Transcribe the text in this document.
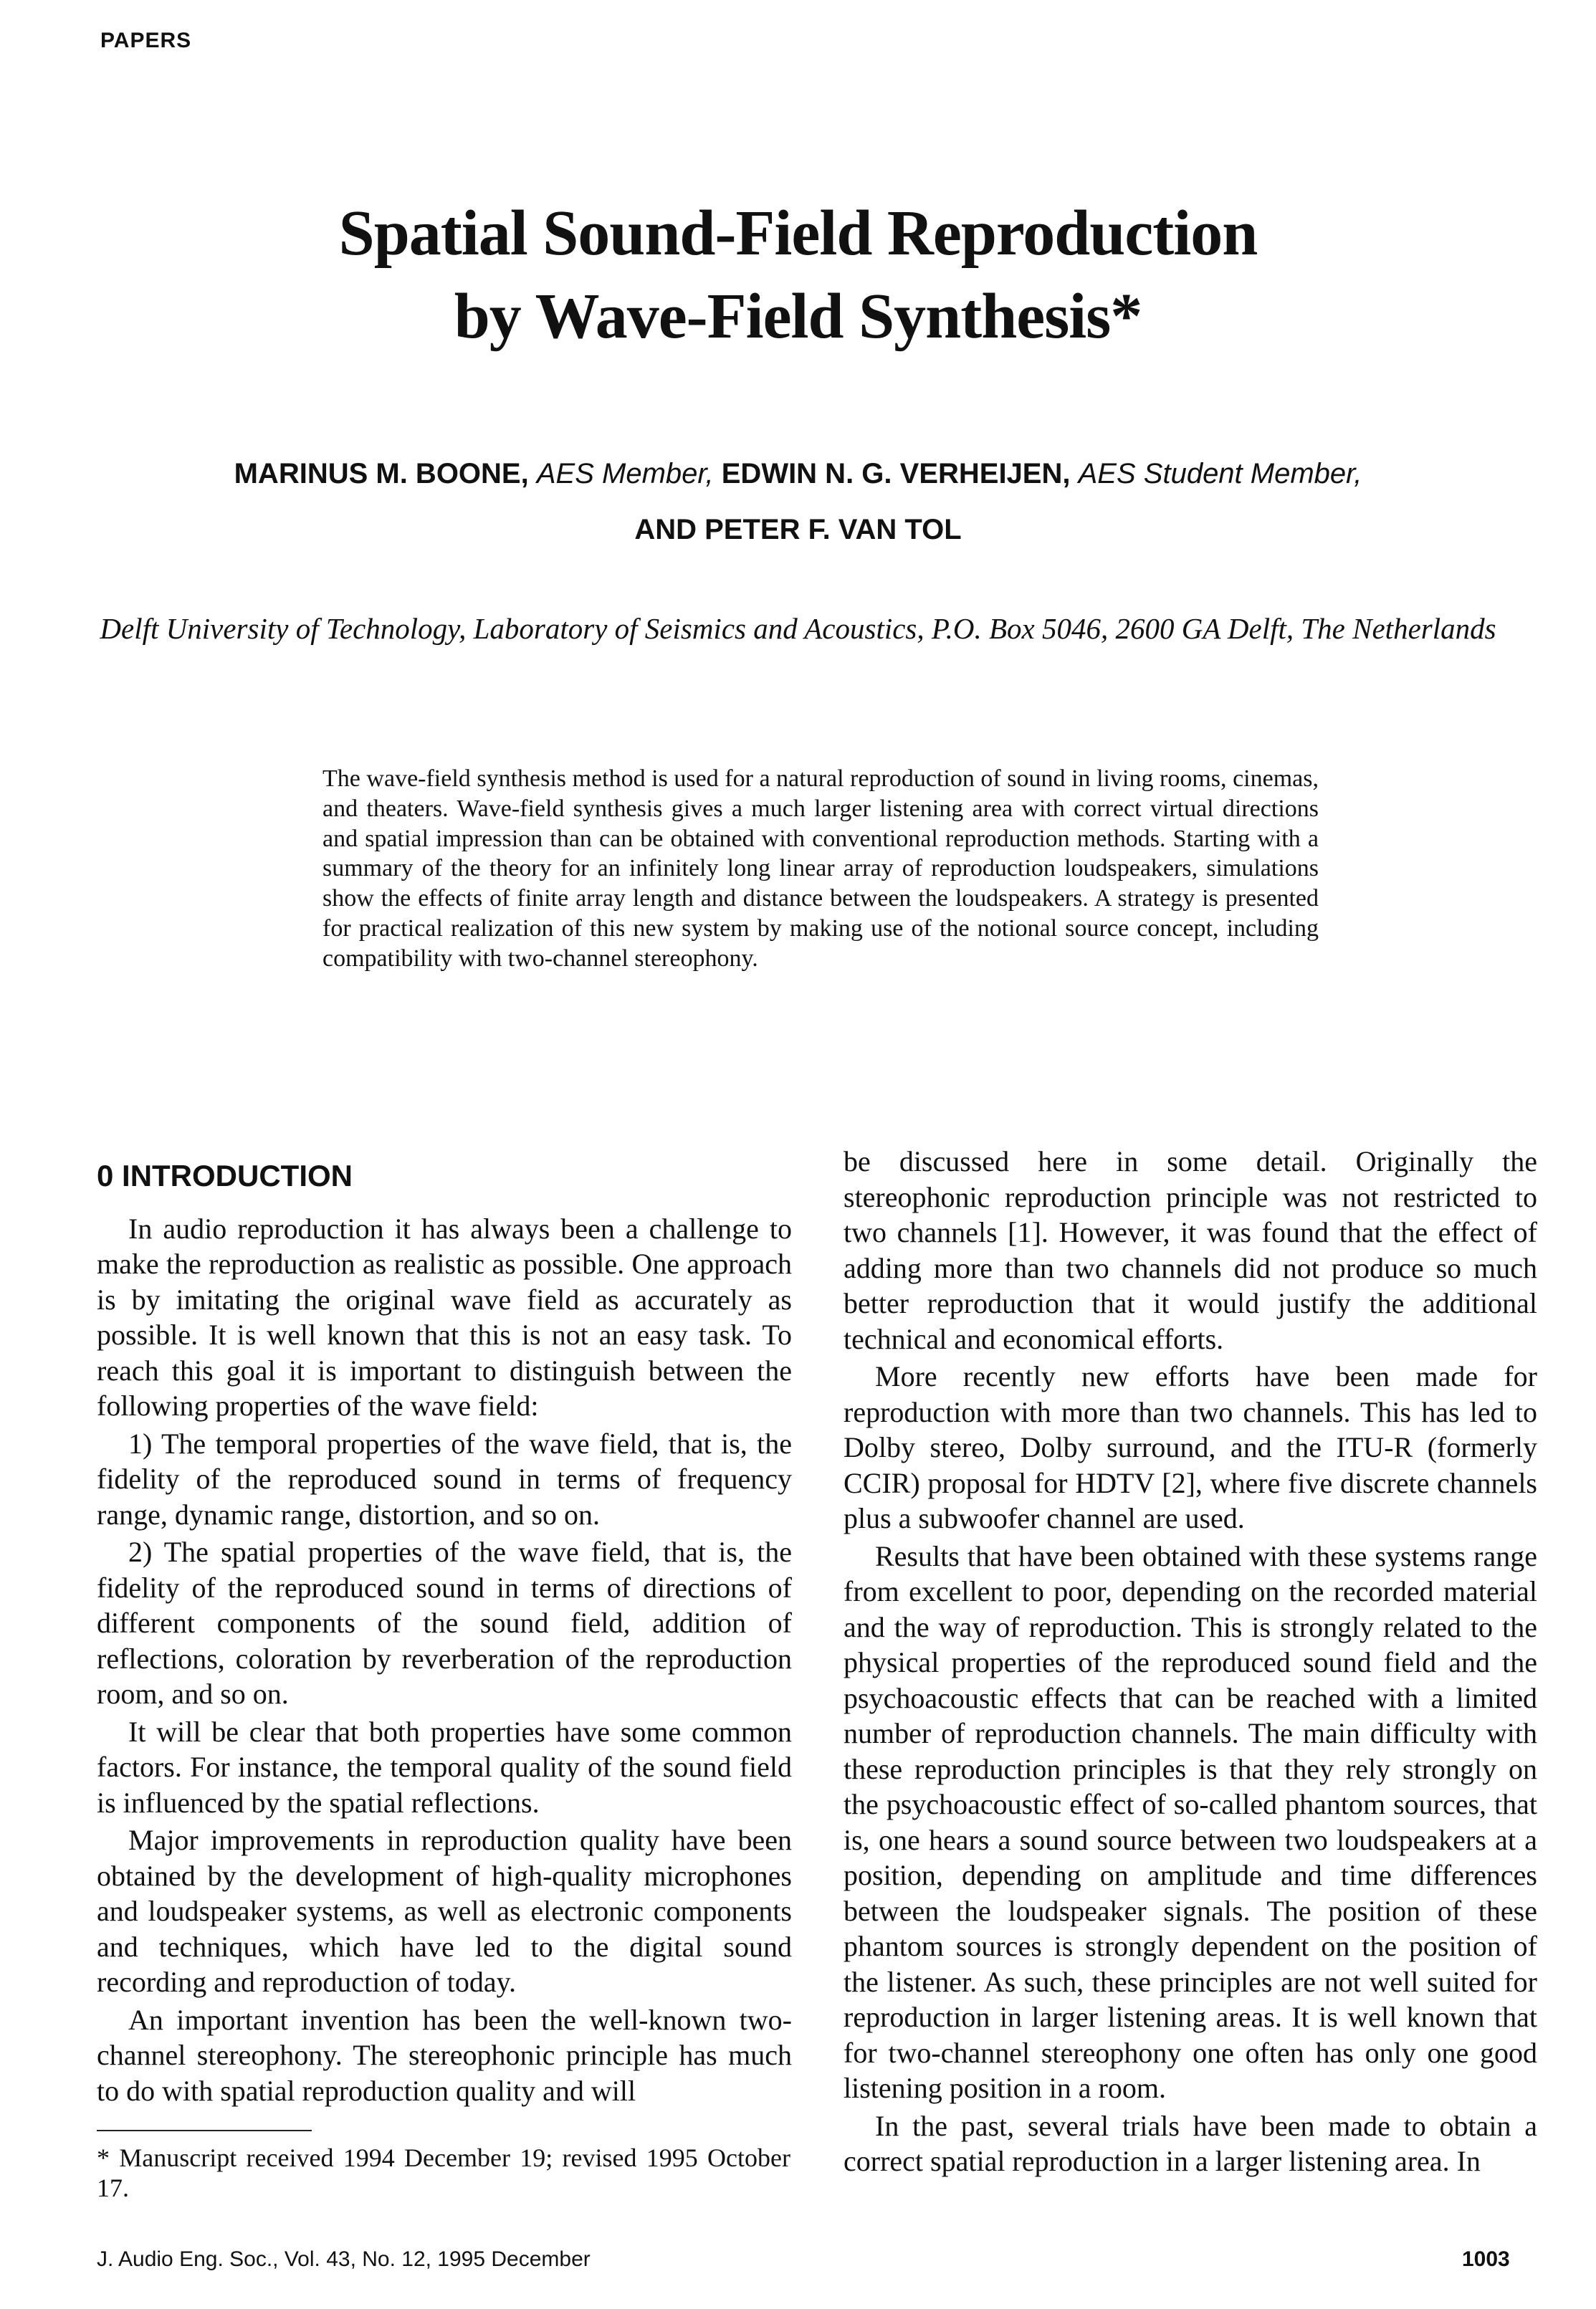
PAPERS
Spatial Sound-Field Reproduction
by Wave-Field Synthesis*
MARINUS M. BOONE, AES Member, EDWIN N. G. VERHEIJEN, AES Student Member,
AND PETER F. VAN TOL
Delft University of Technology, Laboratory of Seismics and Acoustics, P.O. Box 5046, 2600 GA Delft, The Netherlands
The wave-field synthesis method is used for a natural reproduction of sound in living rooms, cinemas, and theaters. Wave-field synthesis gives a much larger listening area with correct virtual directions and spatial impression than can be obtained with conventional reproduction methods. Starting with a summary of the theory for an infinitely long linear array of reproduction loudspeakers, simulations show the effects of finite array length and distance between the loudspeakers. A strategy is presented for practical realization of this new system by making use of the notional source concept, including compatibility with two-channel stereophony.
0 INTRODUCTION

In audio reproduction it has always been a challenge to make the reproduction as realistic as possible. One approach is by imitating the original wave field as accurately as possible. It is well known that this is not an easy task. To reach this goal it is important to distinguish between the following properties of the wave field:

1) The temporal properties of the wave field, that is, the fidelity of the reproduced sound in terms of frequency range, dynamic range, distortion, and so on.

2) The spatial properties of the wave field, that is, the fidelity of the reproduced sound in terms of directions of different components of the sound field, addition of reflections, coloration by reverberation of the reproduction room, and so on.

It will be clear that both properties have some common factors. For instance, the temporal quality of the sound field is influenced by the spatial reflections.

Major improvements in reproduction quality have been obtained by the development of high-quality microphones and loudspeaker systems, as well as electronic components and techniques, which have led to the digital sound recording and reproduction of today.

An important invention has been the well-known two-channel stereophony. The stereophonic principle has much to do with spatial reproduction quality and will

be discussed here in some detail. Originally the stereophonic reproduction principle was not restricted to two channels [1]. However, it was found that the effect of adding more than two channels did not produce so much better reproduction that it would justify the additional technical and economical efforts.

More recently new efforts have been made for reproduction with more than two channels. This has led to Dolby stereo, Dolby surround, and the ITU-R (formerly CCIR) proposal for HDTV [2], where five discrete channels plus a subwoofer channel are used.

Results that have been obtained with these systems range from excellent to poor, depending on the recorded material and the way of reproduction. This is strongly related to the physical properties of the reproduced sound field and the psychoacoustic effects that can be reached with a limited number of reproduction channels. The main difficulty with these reproduction principles is that they rely strongly on the psychoacoustic effect of so-called phantom sources, that is, one hears a sound source between two loudspeakers at a position, depending on amplitude and time differences between the loudspeaker signals. The position of these phantom sources is strongly dependent on the position of the listener. As such, these principles are not well suited for reproduction in larger listening areas. It is well known that for two-channel stereophony one often has only one good listening position in a room.

In the past, several trials have been made to obtain a correct spatial reproduction in a larger listening area. In

* Manuscript received 1994 December 19; revised 1995 October 17.
J. Audio Eng. Soc., Vol. 43, No. 12, 1995 December	1003
